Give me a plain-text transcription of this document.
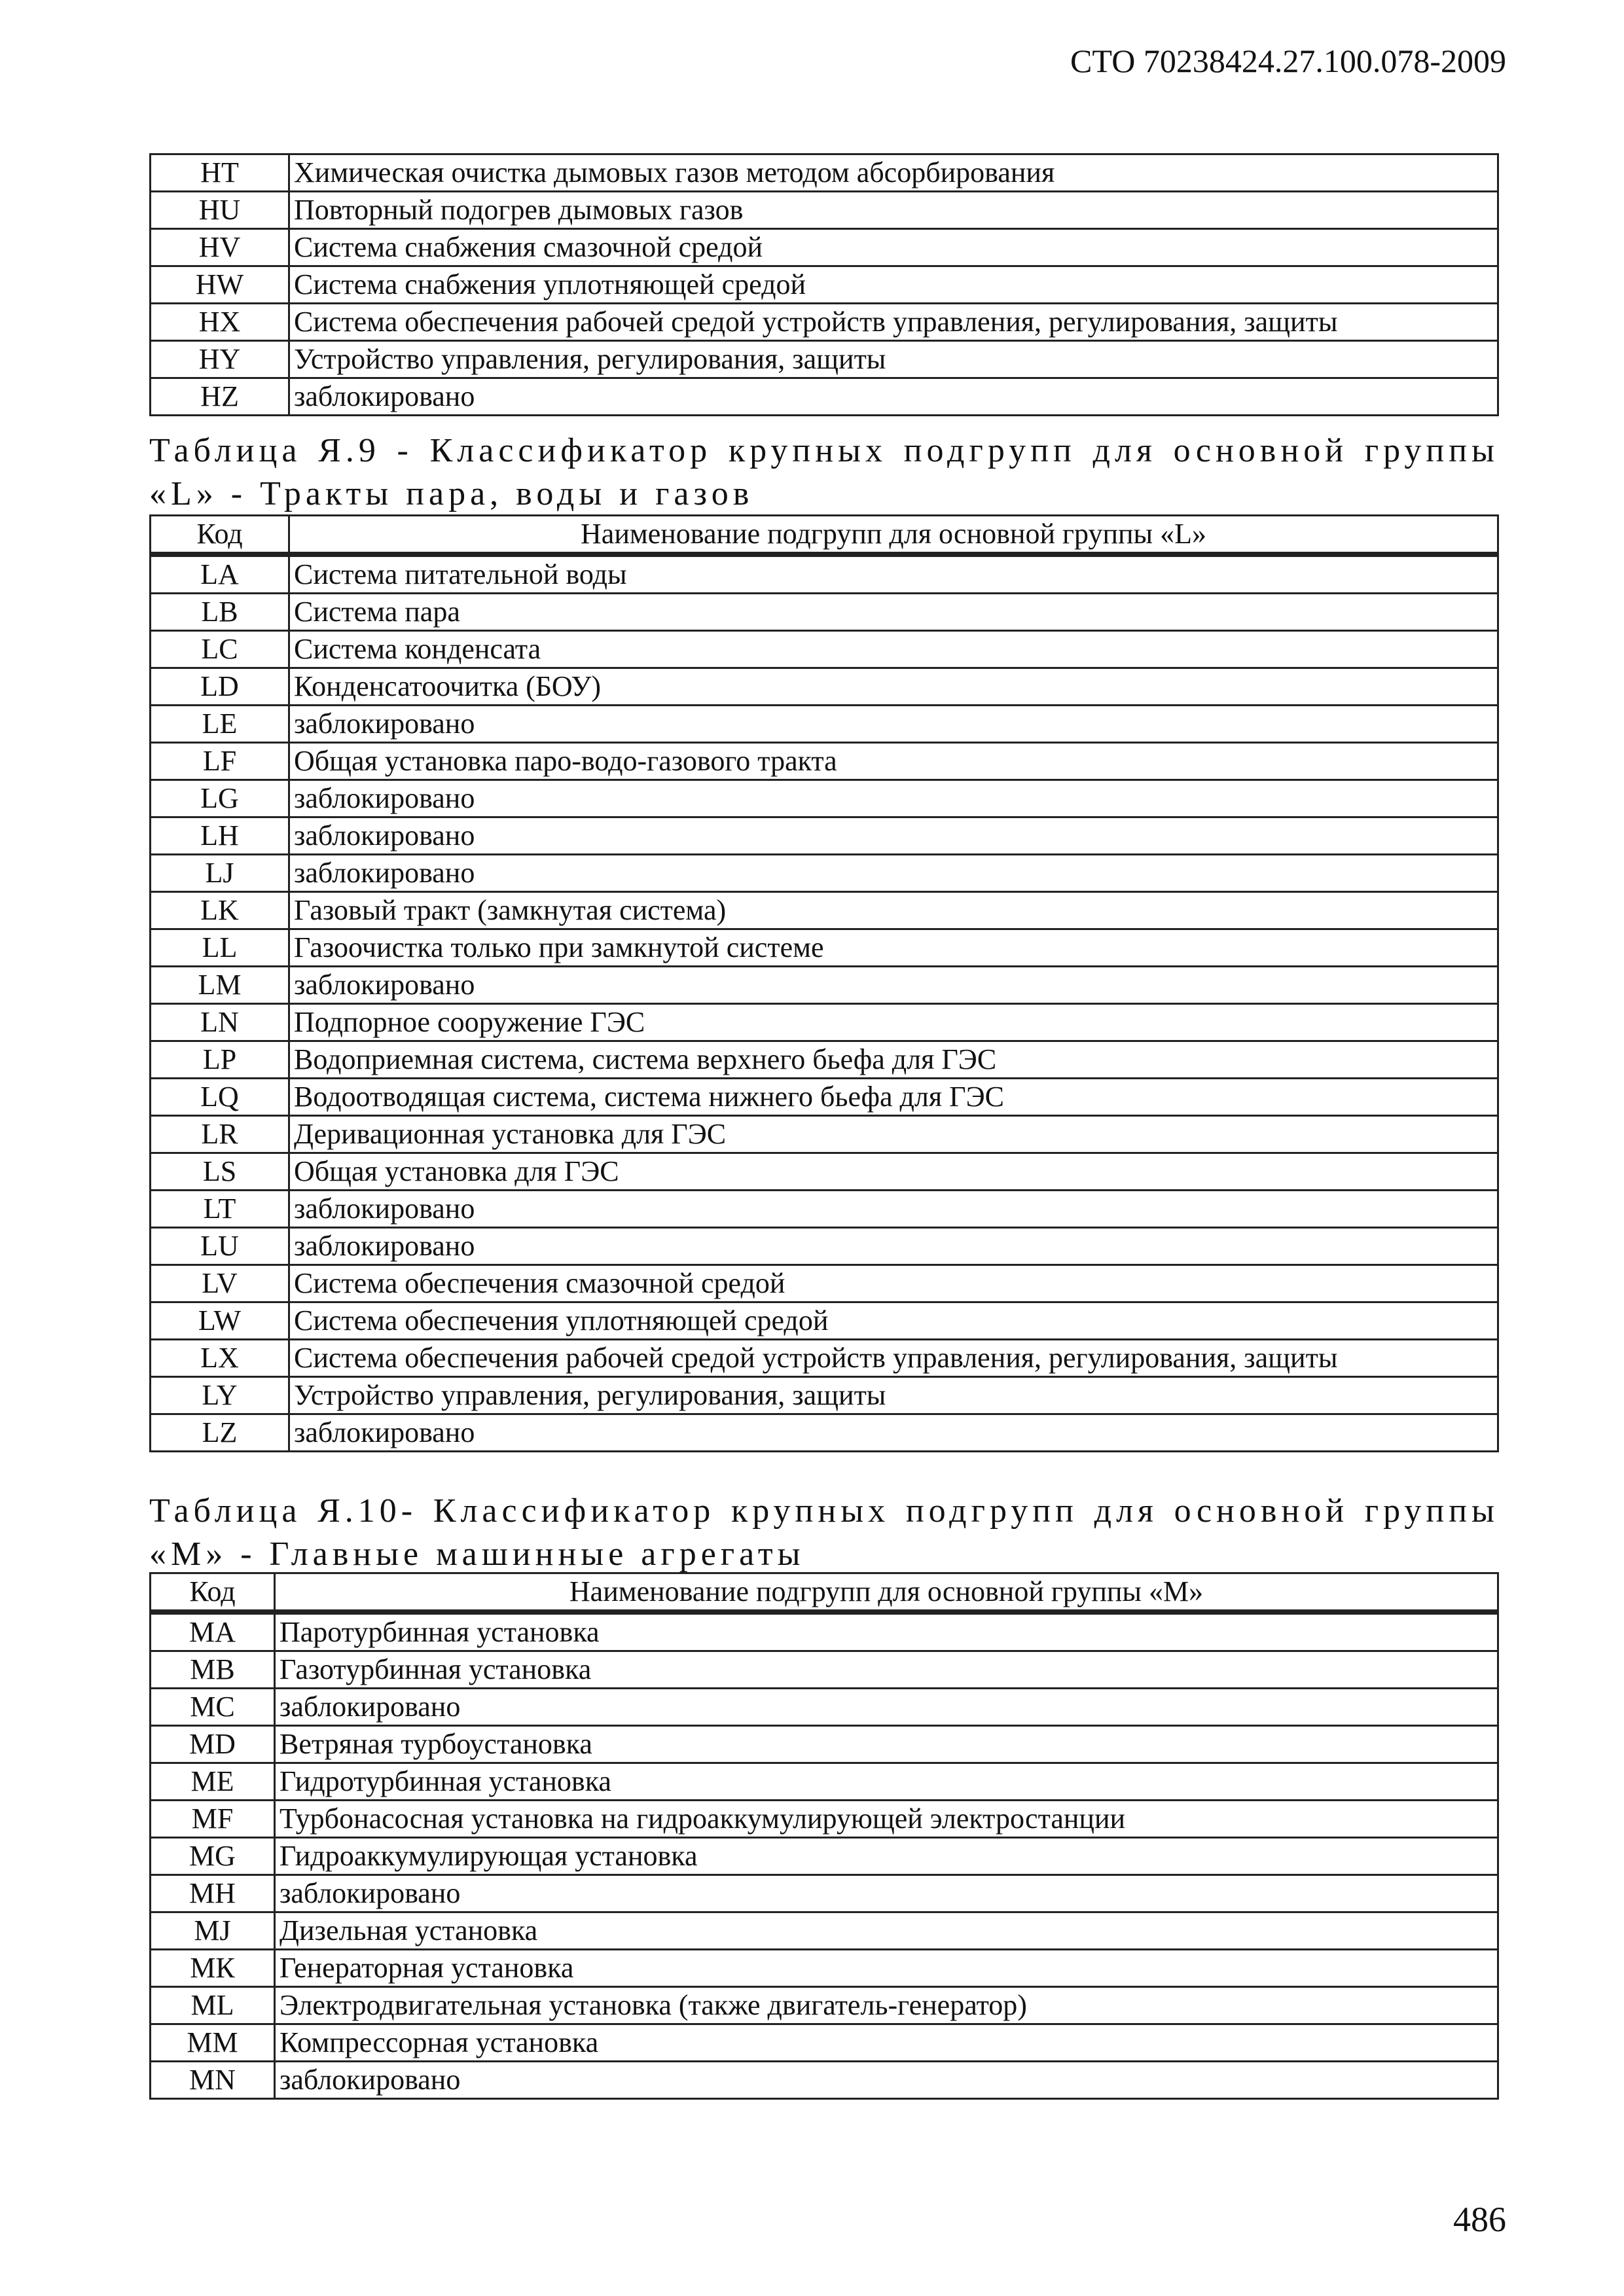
СТО 70238424.27.100.078-2009
HT	Химическая очистка дымовых газов методом абсорбирования
HU	Повторный подогрев дымовых газов
HV	Система снабжения смазочной средой
HW	Система снабжения уплотняющей средой
HX	Система обеспечения рабочей средой устройств управления, регулирования, защиты
HY	Устройство управления, регулирования, защиты
HZ	заблокировано
Таблица Я.9 - Классификатор крупных подгрупп для основной группы
«L» - Тракты пара, воды и газов
Код	Наименование подгрупп для основной группы «L»
LA	Система питательной воды
LB	Система пара
LC	Система конденсата
LD	Конденсатоочитка (БОУ)
LE	заблокировано
LF	Общая установка паро-водо-газового тракта
LG	заблокировано
LH	заблокировано
LJ	заблокировано
LK	Газовый тракт (замкнутая система)
LL	Газоочистка только при замкнутой системе
LM	заблокировано
LN	Подпорное сооружение ГЭС
LP	Водоприемная система, система верхнего бьефа для ГЭС
LQ	Водоотводящая система, система нижнего бьефа для ГЭС
LR	Деривационная установка для ГЭС
LS	Общая установка для ГЭС
LT	заблокировано
LU	заблокировано
LV	Система обеспечения смазочной средой
LW	Система обеспечения уплотняющей средой
LX	Система обеспечения рабочей средой устройств управления, регулирования, защиты
LY	Устройство управления, регулирования, защиты
LZ	заблокировано
Таблица Я.10- Классификатор крупных подгрупп для основной группы
«М» - Главные машинные агрегаты
Код	Наименование подгрупп для основной группы «М»
MA	Паротурбинная установка
MB	Газотурбинная установка
MC	заблокировано
MD	Ветряная турбоустановка
ME	Гидротурбинная установка
MF	Турбонасосная установка на гидроаккумулирующей электростанции
MG	Гидроаккумулирующая установка
MH	заблокировано
MJ	Дизельная установка
MК	Генераторная установка
ML	Электродвигательная установка (также двигатель-генератор)
MM	Компрессорная установка
MN	заблокировано
486
